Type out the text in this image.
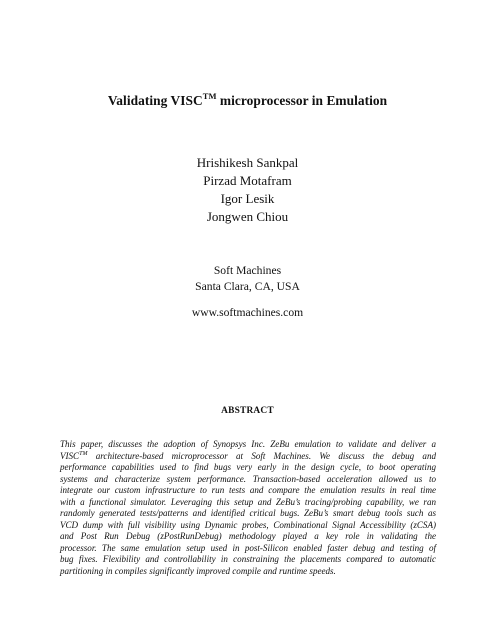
Validating VISC™ microprocessor in Emulation
Hrishikesh Sankpal
Pirzad Motafram
Igor Lesik
Jongwen Chiou
Soft Machines
Santa Clara, CA, USA
www.softmachines.com
ABSTRACT
This paper, discusses the adoption of Synopsys Inc. ZeBu emulation to validate and deliver a
VISC™ architecture-based microprocessor at Soft Machines. We discuss the debug and
performance capabilities used to find bugs very early in the design cycle, to boot operating
systems and characterize system performance. Transaction-based acceleration allowed us to
integrate our custom infrastructure to run tests and compare the emulation results in real time
with a functional simulator. Leveraging this setup and ZeBu’s tracing/probing capability, we ran
randomly generated tests/patterns and identified critical bugs. ZeBu’s smart debug tools such as
VCD dump with full visibility using Dynamic probes, Combinational Signal Accessibility (zCSA)
and Post Run Debug (zPostRunDebug) methodology played a key role in validating the
processor. The same emulation setup used in post-Silicon enabled faster debug and testing of
bug fixes. Flexibility and controllability in constraining the placements compared to automatic
partitioning in compiles significantly improved compile and runtime speeds.
